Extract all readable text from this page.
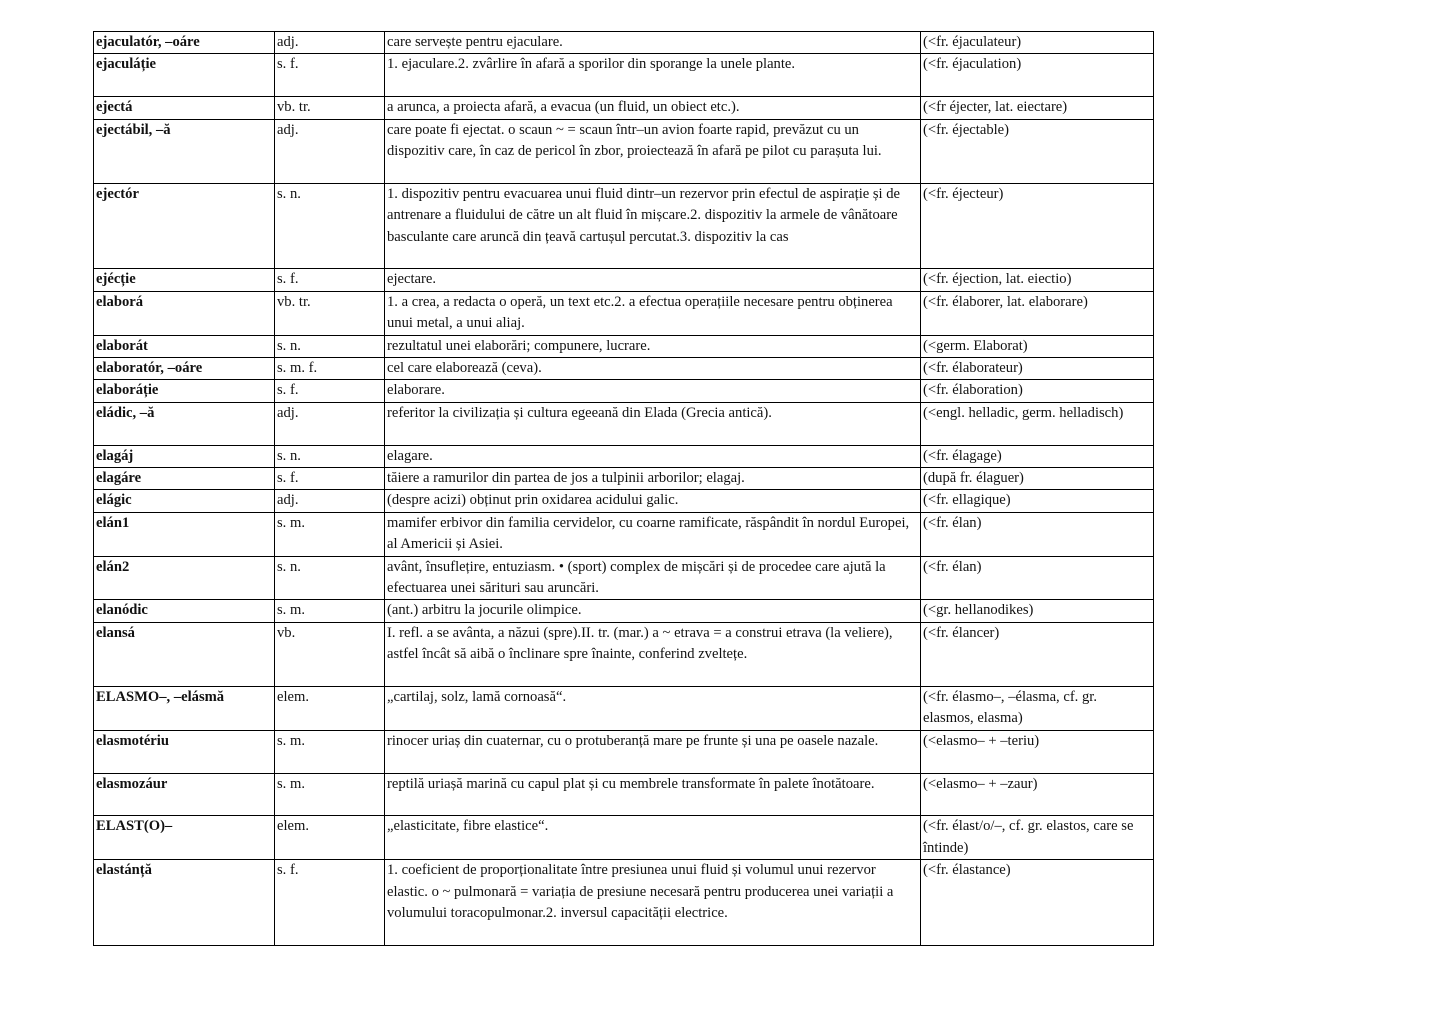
ejaculatór, –oáre	adj.	care servește pentru ejaculare.	(<fr. éjaculateur)
ejaculáție	s. f.	1. ejaculare.2. zvârlire în afară a sporilor din sporange la unele plante.	(<fr. éjaculation)
ejectá	vb. tr.	a arunca, a proiecta afară, a evacua (un fluid, un obiect etc.).	(<fr éjecter, lat. eiectare)
ejectábil, –ă	adj.	care poate fi ejectat. o scaun ~ = scaun într–un avion foarte rapid, prevăzut cu un dispozitiv care, în caz de pericol în zbor, proiectează în afară pe pilot cu parașuta lui.	(<fr. éjectable)
ejectór	s. n.	1. dispozitiv pentru evacuarea unui fluid dintr–un rezervor prin efectul de aspirație și de antrenare a fluidului de către un alt fluid în mișcare.2. dispozitiv la armele de vânătoare basculante care aruncă din țeavă cartușul percutat.3. dispozitiv la cas	(<fr. éjecteur)
ejécție	s. f.	ejectare.	(<fr. éjection, lat. eiectio)
elaborá	vb. tr.	1. a crea, a redacta o operă, un text etc.2. a efectua operațiile necesare pentru obținerea unui metal, a unui aliaj.	(<fr. élaborer, lat. elaborare)
elaborát	s. n.	rezultatul unei elaborări; compunere, lucrare.	(<germ. Elaborat)
elaboratór, –oáre	s. m. f.	cel care elaborează (ceva).	(<fr. élaborateur)
elaboráție	s. f.	elaborare.	(<fr. élaboration)
eládic, –ă	adj.	referitor la civilizația și cultura egeeană din Elada (Grecia antică).	(<engl. helladic, germ. helladisch)
elagáj	s. n.	elagare.	(<fr. élagage)
elagáre	s. f.	tăiere a ramurilor din partea de jos a tulpinii arborilor; elagaj.	(după fr. élaguer)
elágic	adj.	(despre acizi) obținut prin oxidarea acidului galic.	(<fr. ellagique)
elán1	s. m.	mamifer erbivor din familia cervidelor, cu coarne ramificate, răspândit în nordul Europei, al Americii și Asiei.	(<fr. élan)
elán2	s. n.	avânt, însuflețire, entuziasm. • (sport) complex de mișcări și de procedee care ajută la efectuarea unei sărituri sau aruncări.	(<fr. élan)
elanódic	s. m.	(ant.) arbitru la jocurile olimpice.	(<gr. hellanodikes)
elansá	vb.	I. refl. a se avânta, a năzui (spre).II. tr. (mar.) a ~ etrava = a construi etrava (la veliere), astfel încât să aibă o înclinare spre înainte, conferind zveltețe.	(<fr. élancer)
ELASMO–, –elásmă	elem.	„cartilaj, solz, lamă cornoasă“.	(<fr. élasmo–, –élasma, cf. gr. elasmos, elasma)
elasmotériu	s. m.	rinocer uriaș din cuaternar, cu o protuberanță mare pe frunte și una pe oasele nazale.	(<elasmo– + –teriu)
elasmozáur	s. m.	reptilă uriașă marină cu capul plat și cu membrele transformate în palete înotătoare.	(<elasmo– + –zaur)
ELAST(O)–	elem.	„elasticitate, fibre elastice“.	(<fr. élast/o/–, cf. gr. elastos, care se întinde)
elastánță	s. f.	1. coeficient de proporționalitate între presiunea unui fluid și volumul unui rezervor elastic. o ~ pulmonară = variația de presiune necesară pentru producerea unei variații a volumului toracopulmonar.2. inversul capacității electrice.	(<fr. élastance)
